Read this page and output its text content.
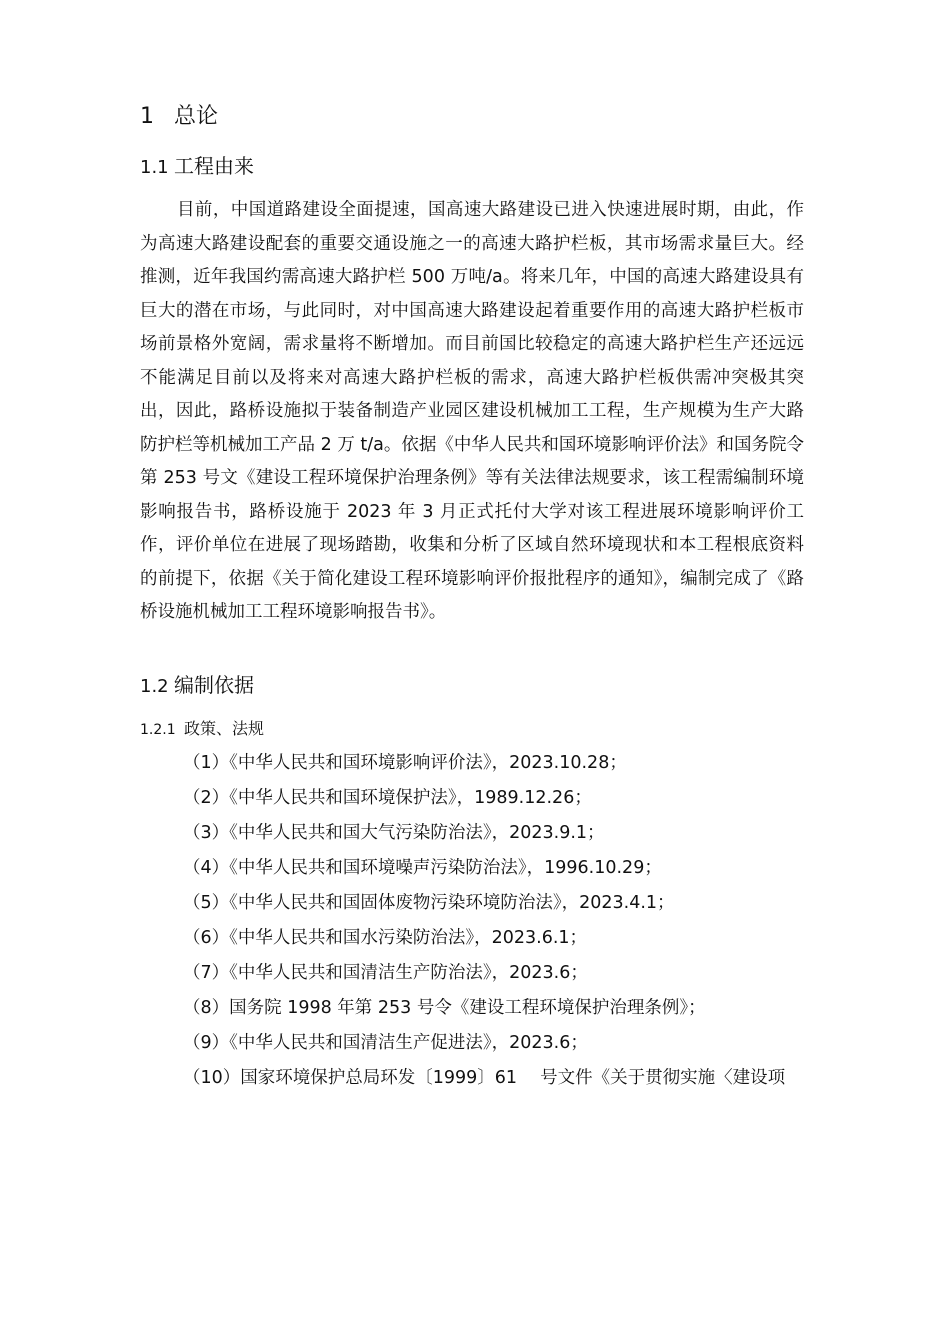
1 总论
1.1 工程由来

目前，中国道路建设全面提速，国高速大路建设已进入快速进展时期，由此，作为高速大路建设配套的重要交通设施之一的高速大路护栏板，其市场需求量巨大。经推测，近年我国约需高速大路护栏 500 万吨/a。将来几年，中国的高速大路建设具有巨大的潜在市场，与此同时，对中国高速大路建设起着重要作用的高速大路护栏板市场前景格外宽阔，需求量将不断增加。而目前国比较稳定的高速大路护栏生产还远远不能满足目前以及将来对高速大路护栏板的需求，高速大路护栏板供需冲突极其突出，因此，路桥设施拟于装备制造产业园区建设机械加工工程，生产规模为生产大路防护栏等机械加工产品 2 万 t/a。依据《中华人民共和国环境影响评价法》和国务院令第 253 号文《建设工程环境保护治理条例》等有关法律法规要求，该工程需编制环境影响报告书，路桥设施于 2023 年 3 月正式托付大学对该工程进展环境影响评价工作，评价单位在进展了现场踏勘，收集和分析了区域自然环境现状和本工程根底资料的前提下，依据《关于简化建设工程环境影响评价报批程序的通知》，编制完成了《路桥设施机械加工工程环境影响报告书》。

1.2 编制依据
1.2.1 政策、法规
（1）《中华人民共和国环境影响评价法》，2023.10.28；
（2）《中华人民共和国环境保护法》，1989.12.26；
（3）《中华人民共和国大气污染防治法》，2023.9.1；
（4）《中华人民共和国环境噪声污染防治法》，1996.10.29；
（5）《中华人民共和国固体废物污染环境防治法》，2023.4.1；
（6）《中华人民共和国水污染防治法》，2023.6.1；
（7）《中华人民共和国清洁生产防治法》，2023.6；
（8）国务院 1998 年第 253 号令《建设工程环境保护治理条例》；
（9）《中华人民共和国清洁生产促进法》，2023.6；
（10）国家环境保护总局环发〔1999〕61　 号文件《关于贯彻实施〈建设项
